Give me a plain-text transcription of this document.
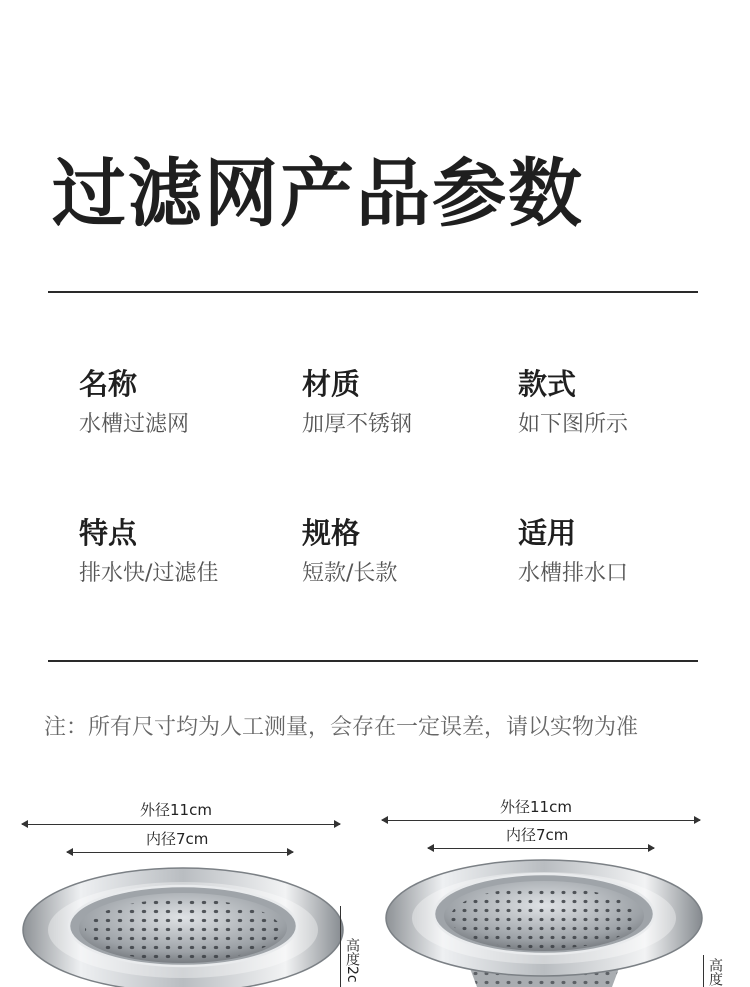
过滤网产品参数
名称
水槽过滤网
材质
加厚不锈钢
款式
如下图所示
特点
排水快/过滤佳
规格
短款/长款
适用
水槽排水口
注：所有尺寸均为人工测量，会存在一定误差，请以实物为准
外径11cm
内径7cm
高度2c
外径11cm
内径7cm
高度
